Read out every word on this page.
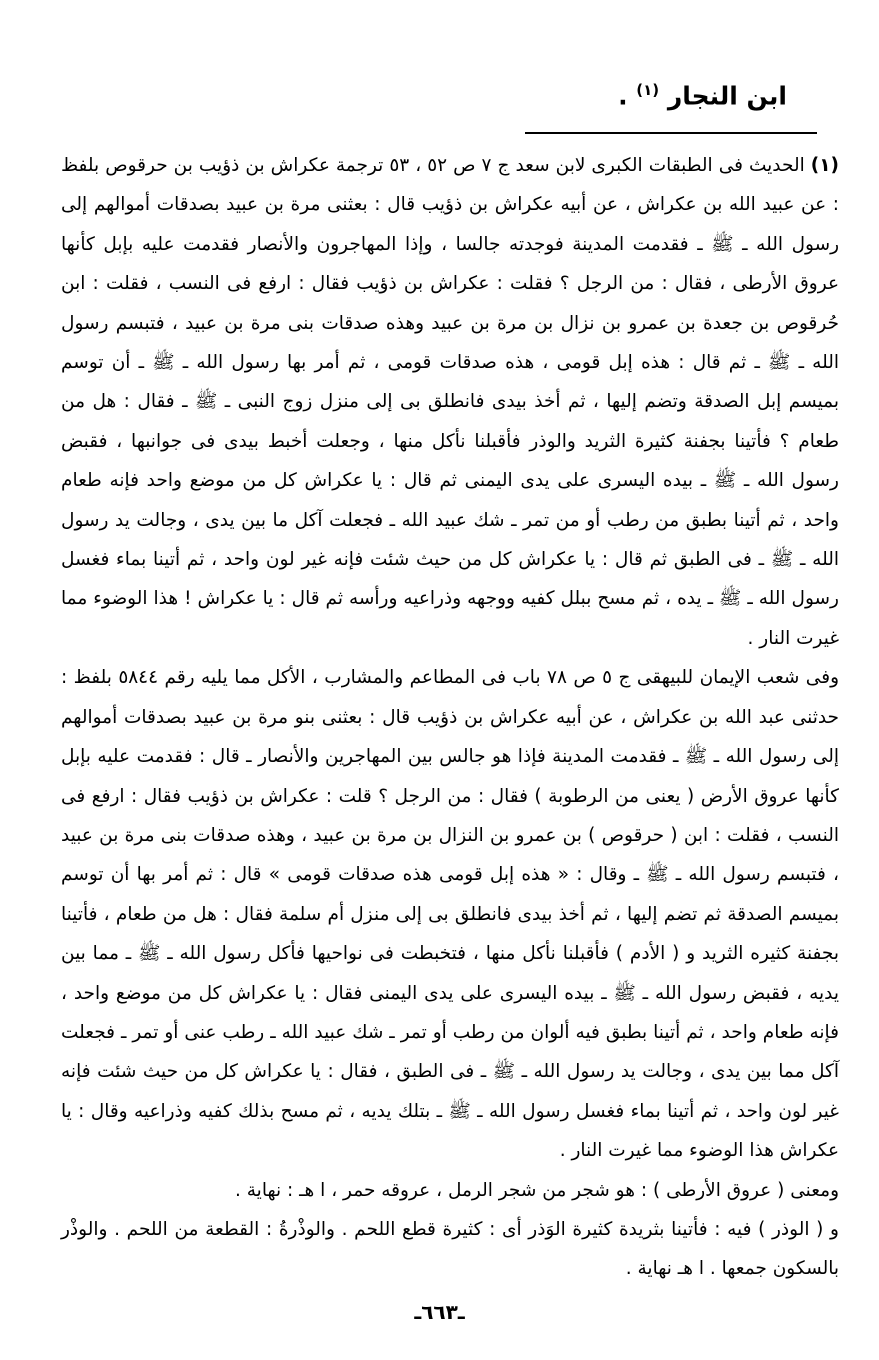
ابن النجار $^{(١)}$ .

(١) الحديث فى الطبقات الكبرى لابن سعد ج ٧ ص ٥٢ ، ٥٣ ترجمة عكراش بن ذؤيب بن حرقوص بلفظ : عن عبيد الله بن عكراش ، عن أبيه عكراش بن ذؤيب قال : بعثنى مرة بن عبيد بصدقات أموالهم إلى رسول الله ـ ﷺ ـ فقدمت المدينة فوجدته جالسا ، وإذا المهاجرون والأنصار فقدمت عليه بإبل كأنها عروق الأرطى ، فقال : من الرجل ؟ فقلت : عكراش بن ذؤيب فقال : ارفع فى النسب ، فقلت : ابن حُرقوص بن جعدة بن عمرو بن نزال بن مرة بن عبيد وهذه صدقات بنى مرة بن عبيد ، فتبسم رسول الله ـ ﷺ ـ ثم قال : هذه إبل قومى ، هذه صدقات قومى ، ثم أمر بها رسول الله ـ ﷺ ـ أن توسم بميسم إبل الصدقة وتضم إليها ، ثم أخذ بيدى فانطلق بى إلى منزل زوج النبى ـ ﷺ ـ فقال : هل من طعام ؟ فأتينا بجفنة كثيرة الثريد والوذر فأقبلنا نأكل منها ، وجعلت أخبط بيدى فى جوانبها ، فقبض رسول الله ـ ﷺ ـ بيده اليسرى على يدى اليمنى ثم قال : يا عكراش كل من موضع واحد فإنه طعام واحد ، ثم أتينا بطبق من رطب أو من تمر ـ شك عبيد الله ـ فجعلت آكل ما بين يدى ، وجالت يد رسول الله ـ ﷺ ـ فى الطبق ثم قال : يا عكراش كل من حيث شئت فإنه غير لون واحد ، ثم أتينا بماء فغسل رسول الله ـ ﷺ ـ يده ، ثم مسح ببلل كفيه ووجهه وذراعيه ورأسه ثم قال : يا عكراش ! هذا الوضوء مما غيرت النار .

وفى شعب الإيمان للبيهقى ج ٥ ص ٧٨ باب فى المطاعم والمشارب ، الأكل مما يليه رقم ٥٨٤٤ بلفظ : حدثنى عبد الله بن عكراش ، عن أبيه عكراش بن ذؤيب قال : بعثنى بنو مرة بن عبيد بصدقات أموالهم إلى رسول الله ـ ﷺ ـ فقدمت المدينة فإذا هو جالس بين المهاجرين والأنصار ـ قال : فقدمت عليه بإبل كأنها عروق الأرض ( يعنى من الرطوبة ) فقال : من الرجل ؟ قلت : عكراش بن ذؤيب فقال : ارفع فى النسب ، فقلت : ابن ( حرقوص ) بن عمرو بن النزال بن مرة بن عبيد ، وهذه صدقات بنى مرة بن عبيد ، فتبسم رسول الله ـ ﷺ ـ وقال : « هذه إبل قومى هذه صدقات قومى » قال : ثم أمر بها أن توسم بميسم الصدقة ثم تضم إليها ، ثم أخذ بيدى فانطلق بى إلى منزل أم سلمة فقال : هل من طعام ، فأتينا بجفنة كثيره الثريد و ( الأدم ) فأقبلنا نأكل منها ، فتخبطت فى نواحيها فأكل رسول الله ـ ﷺ ـ مما بين يديه ، فقبض رسول الله ـ ﷺ ـ بيده اليسرى على يدى اليمنى فقال : يا عكراش كل من موضع واحد ، فإنه طعام واحد ، ثم أتينا بطبق فيه ألوان من رطب أو تمر ـ شك عبيد الله ـ رطب عنى أو تمر ـ فجعلت آكل مما بين يدى ، وجالت يد رسول الله ـ ﷺ ـ فى الطبق ، فقال : يا عكراش كل من حيث شئت فإنه غير لون واحد ، ثم أتينا بماء فغسل رسول الله ـ ﷺ ـ بتلك يديه ، ثم مسح بذلك كفيه وذراعيه وقال : يا عكراش هذا الوضوء مما غيرت النار .

ومعنى ( عروق الأرطى ) : هو شجر من شجر الرمل ، عروقه حمر ، ا هـ : نهاية .

و ( الوذر ) فيه : فأتينا بثريدة كثيرة الوَذر أى : كثيرة قطع اللحم . والوذْرةُ : القطعة من اللحم . والوذْر بالسكون جمعها . ا هـ نهاية .

ـ٦٦٣ـ
